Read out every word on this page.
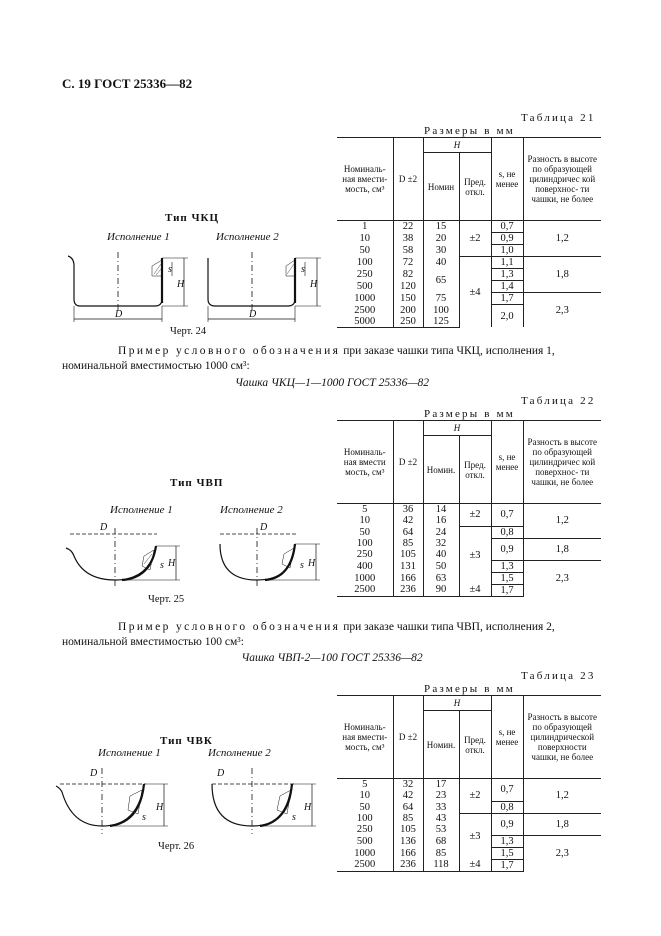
С. 19 ГОСТ 25336—82
Таблица 21
Размеры в мм
Номиналь- ная вмести- мость, см³	D ±2	H		s, не менее	Разность в высоте по образующей цилиндричес кой поверхнос- ти чашки, не более
		Номин	Пред. откл.		
1	22	15	±2	0,7	1,2
10	38	20		0,9	
50	58	30		1,0	
100	72	40	±4	1,1	1,8
250	82	65		1,3	
500	120			1,4	
1000	150	75		1,7	2,3
2500	200	100		2,0	
5000	250	125			
Тип ЧКЦ
Исполнение 1	Исполнение 2
D	D
H	H
s	s
Черт. 24
Пример условного обозначения при заказе чашки типа ЧКЦ, исполнения 1, номинальной вместимостью 1000 см³:
Чашка ЧКЦ—1—1000 ГОСТ 25336—82
Таблица 22
Размеры в мм
Номиналь- ная вмести мость, см³	D ±2	H		s, не менее	Разность в высоте по образующей цилиндричес кой поверхнос- ти чашки, не более
		Номин.	Пред. откл.		
5	36	14	±2	0,7	1,2
10	42	16			
50	64	24	±3	0,8	
100	85	32		0,9	1,8
250	105	40			
400	131	50		1,3	2,3
1000	166	63		1,5	
2500	236	90	±4	1,7	
Тип ЧВП
Исполнение 1	Исполнение 2
D	D
H	H
s	s
Черт. 25
Пример условного обозначения при заказе чашки типа ЧВП, исполнения 2, номинальной вместимостью 100 см³:
Чашка ЧВП-2—100 ГОСТ 25336—82
Таблица 23
Размеры в мм
Номиналь- ная вмести- мость, см³	D ±2	H		s, не менее	Разность в высоте по образующей цилиндрической поверхности чашки, не более
		Номин.	Пред. откл.		
5	32	17	±2	0,7	1,2
10	42	23			
50	64	33		0,8	
100	85	43	±3	0,9	1,8
250	105	53			
500	136	68		1,3	2,3
1000	166	85		1,5	
2500	236	118	±4	1,7	
Тип ЧВК
Исполнение 1	Исполнение 2
D	D
H	H
s	s
Черт. 26
